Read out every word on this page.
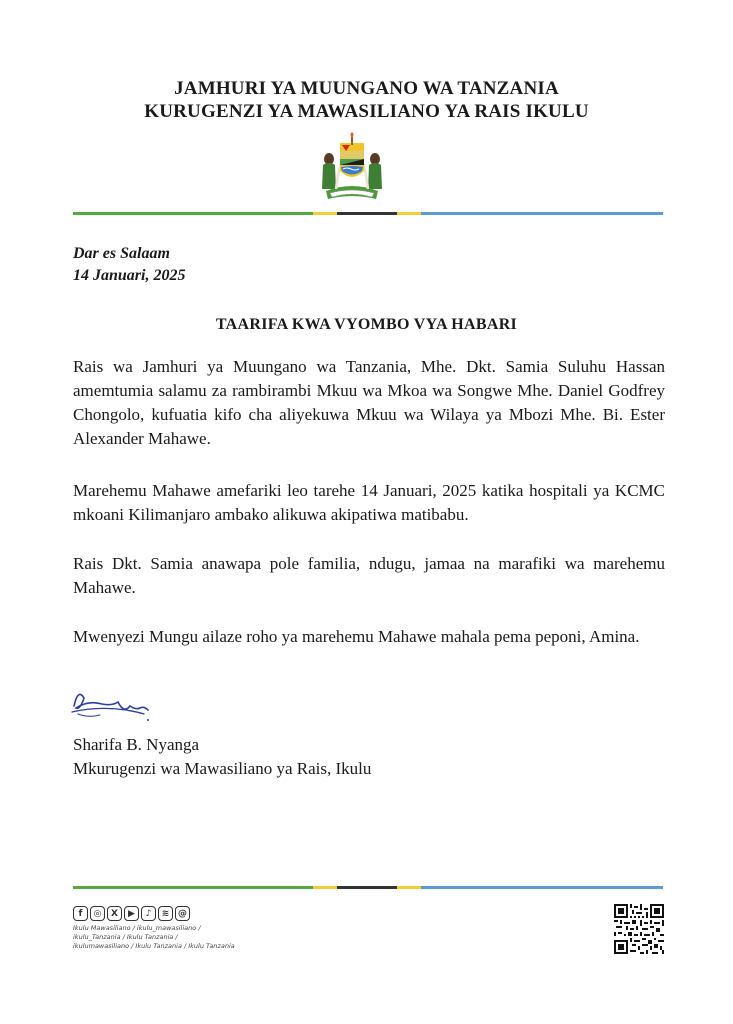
JAMHURI YA MUUNGANO WA TANZANIA
KURUGENZI YA MAWASILIANO YA RAIS IKULU
Dar es Salaam
14 Januari, 2025
TAARIFA KWA VYOMBO VYA HABARI

Rais wa Jamhuri ya Muungano wa Tanzania, Mhe. Dkt. Samia Suluhu Hassan amemtumia salamu za rambirambi Mkuu wa Mkoa wa Songwe Mhe. Daniel Godfrey Chongolo, kufuatia kifo cha aliyekuwa Mkuu wa Wilaya ya Mbozi Mhe. Bi. Ester Alexander Mahawe.

Marehemu Mahawe amefariki leo tarehe 14 Januari, 2025 katika hospitali ya KCMC mkoani Kilimanjaro ambako alikuwa akipatiwa matibabu.

Rais Dkt. Samia anawapa pole familia, ndugu, jamaa na marafiki wa marehemu Mahawe.

Mwenyezi Mungu ailaze roho ya marehemu Mahawe mahala pema peponi, Amina.

Sharifa B. Nyanga
Mkurugenzi wa Mawasiliano ya Rais, Ikulu
f	◎	X	▶	♪	≋ @
Ikulu Mawasiliano / ikulu_mawasiliano /
ikulu_Tanzania / Ikulu Tanzania /
ikulumawasiliano / Ikulu Tanzania / Ikulu Tanzania
